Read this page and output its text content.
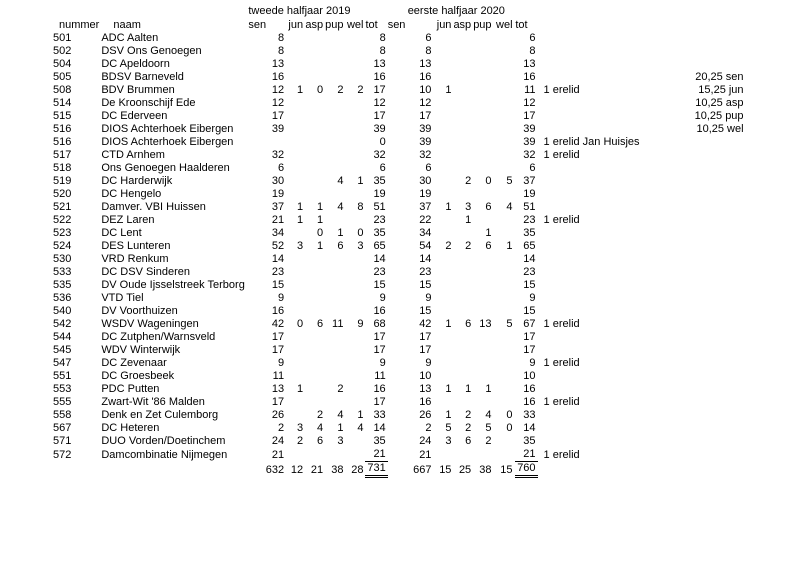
		tweede halfjaar 2019						eerste halfjaar 2020							
nummer	naam	sen	jun	asp	pup	wel	tot	sen	jun	asp	pup	wel	tot		
501	ADC Aalten	8					8	6					6		
502	DSV Ons Genoegen	8					8	8					8		
504	DC Apeldoorn	13					13	13					13		
505	BDSV Barneveld	16					16	16					16		20,25 sen
508	BDV Brummen	12	1	0	2	2	17	10	1				11	1 erelid	15,25 jun
514	De Kroonschijf Ede	12					12	12					12		10,25 asp
515	DC Ederveen	17					17	17					17		10,25 pup
516	DIOS Achterhoek Eibergen	39					39	39					39		10,25 wel
516	DIOS Achterhoek Eibergen						0	39					39	1 erelid Jan Huisjes	
517	CTD Arnhem	32					32	32					32	1 erelid	
518	Ons Genoegen Haalderen	6					6	6					6		
519	DC Harderwijk	30			4	1	35	30		2	0	5	37		
520	DC Hengelo	19					19	19					19		
521	Damver. VBI Huissen	37	1	1	4	8	51	37	1	3	6	4	51		
522	DEZ Laren	21	1	1			23	22		1			23	1 erelid	
523	DC Lent	34		0	1	0	35	34			1		35		
524	DES Lunteren	52	3	1	6	3	65	54	2	2	6	1	65		
530	VRD Renkum	14					14	14					14		
533	DC DSV Sinderen	23					23	23					23		
535	DV Oude Ijsselstreek Terborg	15					15	15					15		
536	VTD Tiel	9					9	9					9		
540	DV Voorthuizen	16					16	15					15		
542	WSDV Wageningen	42	0	6	11	9	68	42	1	6	13	5	67	1 erelid	
544	DC Zutphen/Warnsveld	17					17	17					17		
545	WDV Winterwijk	17					17	17					17		
547	DC Zevenaar	9					9	9					9	1 erelid	
551	DC Groesbeek	11					11	10					10		
553	PDC Putten	13	1		2		16	13	1	1	1		16		
555	Zwart-Wit '86 Malden	17					17	16					16	1 erelid	
558	Denk en Zet Culemborg	26		2	4	1	33	26	1	2	4	0	33		
567	DC Heteren	2	3	4	1	4	14	2	5	2	5	0	14		
571	DUO Vorden/Doetinchem	24	2	6	3		35	24	3	6	2		35		
572	Damcombinatie Nijmegen	21					21	21					21	1 erelid	
		632	12	21	38	28	731	667	15	25	38	15	760		
